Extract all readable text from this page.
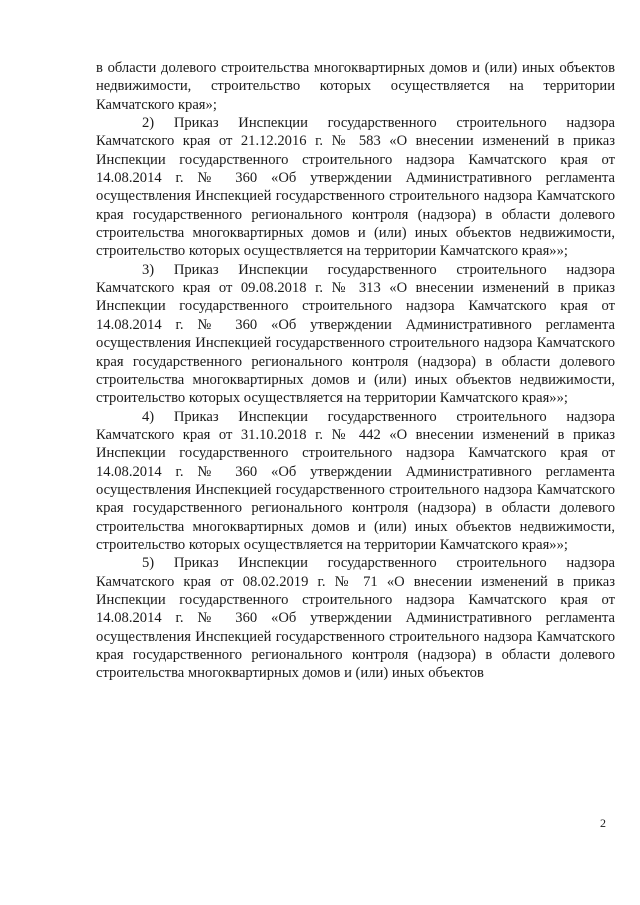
в области долевого строительства многоквартирных домов и (или) иных объектов недвижимости, строительство которых осуществляется на территории Камчатского края»;

2) Приказ Инспекции государственного строительного надзора Камчатского края от 21.12.2016 г. № 583 «О внесении изменений в приказ Инспекции государственного строительного надзора Камчатского края от 14.08.2014 г. № 360 «Об утверждении Административного регламента осуществления Инспекцией государственного строительного надзора Камчатского края государственного регионального контроля (надзора) в области долевого строительства многоквартирных домов и (или) иных объектов недвижимости, строительство которых осуществляется на территории Камчатского края»»;

3) Приказ Инспекции государственного строительного надзора Камчатского края от 09.08.2018 г. № 313 «О внесении изменений в приказ Инспекции государственного строительного надзора Камчатского края от 14.08.2014 г. № 360 «Об утверждении Административного регламента осуществления Инспекцией государственного строительного надзора Камчатского края государственного регионального контроля (надзора) в области долевого строительства многоквартирных домов и (или) иных объектов недвижимости, строительство которых осуществляется на территории Камчатского края»»;

4) Приказ Инспекции государственного строительного надзора Камчатского края от 31.10.2018 г. № 442 «О внесении изменений в приказ Инспекции государственного строительного надзора Камчатского края от 14.08.2014 г. № 360 «Об утверждении Административного регламента осуществления Инспекцией государственного строительного надзора Камчатского края государственного регионального контроля (надзора) в области долевого строительства многоквартирных домов и (или) иных объектов недвижимости, строительство которых осуществляется на территории Камчатского края»»;

5) Приказ Инспекции государственного строительного надзора Камчатского края от 08.02.2019 г. № 71 «О внесении изменений в приказ Инспекции государственного строительного надзора Камчатского края от 14.08.2014 г. № 360 «Об утверждении Административного регламента осуществления Инспекцией государственного строительного надзора Камчатского края государственного регионального контроля (надзора) в области долевого строительства многоквартирных домов и (или) иных объектов

2
